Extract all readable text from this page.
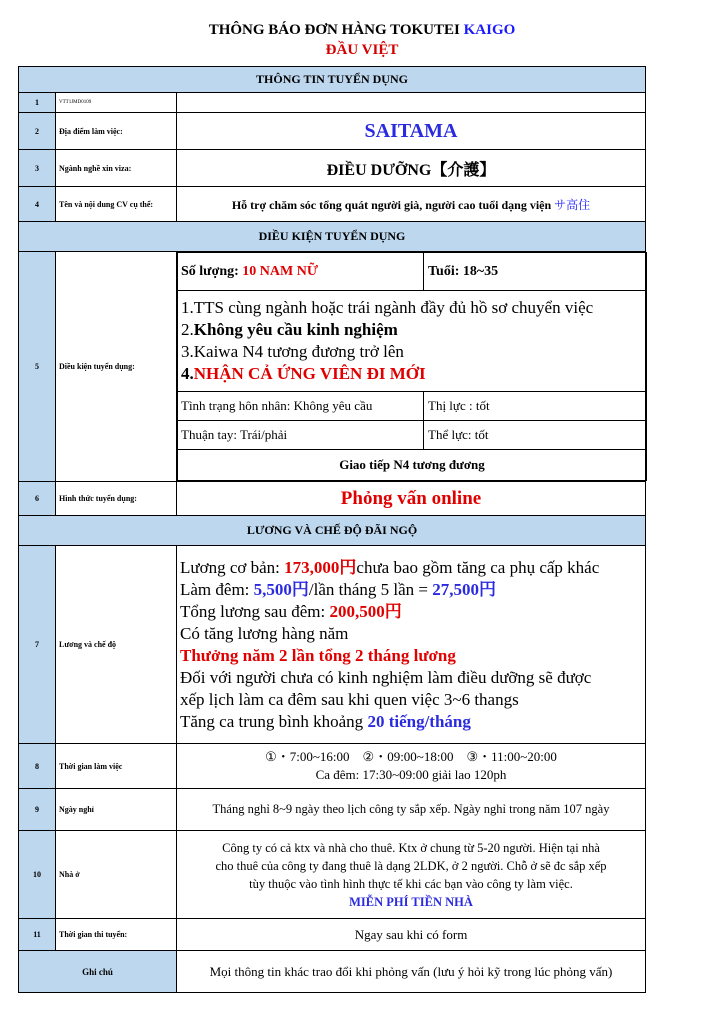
THÔNG BÁO ĐƠN HÀNG TOKUTEI KAIGO
ĐẦU VIỆT
THÔNG TIN TUYỂN DỤNG
1	VTT1JMD0109	
2	Địa điểm làm việc:	SAITAMA
3	Ngành nghề xin viza:	ĐIỀU DƯỠNG【介護】
4	Tên và nội dung CV cụ thể:	Hỗ trợ chăm sóc tổng quát người già, người cao tuổi dạng viện サ高住
DIỀU KIỆN TUYỂN DỤNG
5	Diều kiện tuyển dụng:	
Số lượng: 10 NAM NỮ	Tuổi: 18~35

1.TTS cùng ngành hoặc trái ngành đầy đủ hồ sơ chuyển việc
2.Không yêu cầu kinh nghiệm
3.Kaiwa N4 tương đương trở lên
4.NHẬN CẢ ỨNG VIÊN ĐI MỚI

Tình trạng hôn nhân: Không yêu cầu	Thị lực : tốt
Thuận tay: Trái/phải	Thể lực: tốt
Giao tiếp N4 tương đương

6	Hình thức tuyển dụng:	Phỏng vấn online
LƯƠNG VÀ CHẾ ĐỘ ĐÃI NGỘ
7	Lương và chế độ	
Lương cơ bản: 173,000円chưa bao gồm tăng ca phụ cấp khác
Làm đêm: 5,500円/lần tháng 5 lần = 27,500円
Tổng lương sau đêm: 200,500円
Có tăng lương hàng năm
Thưởng năm 2 lần tổng 2 tháng lương
Đối với người chưa có kinh nghiệm làm điều dưỡng sẽ được
xếp lịch làm ca đêm sau khi quen việc 3~6 thangs
Tăng ca trung bình khoảng 20 tiếng/tháng

8	Thời gian làm việc	
①・7:00~16:00　②・09:00~18:00　③・11:00~20:00
Ca đêm: 17:30~09:00 giải lao 120ph

9	Ngày nghỉ	Tháng nghỉ 8~9 ngày theo lịch công ty sắp xếp. Ngày nghỉ trong năm 107 ngày
10	Nhà ở	
Công ty có cả ktx và nhà cho thuê. Ktx ở chung từ 5-20 người. Hiện tại nhà
cho thuê của công ty đang thuê là dạng 2LDK, ở 2 người. Chỗ ở sẽ đc sắp xếp
tùy thuộc vào tình hình thực tế khi các bạn vào công ty làm việc.
MIỄN PHÍ TIỀN NHÀ

11	Thời gian thi tuyển:	Ngay sau khi có form
Ghi chú	Mọi thông tin khác trao đổi khi phỏng vấn (lưu ý hỏi kỹ trong lúc phỏng vấn)
